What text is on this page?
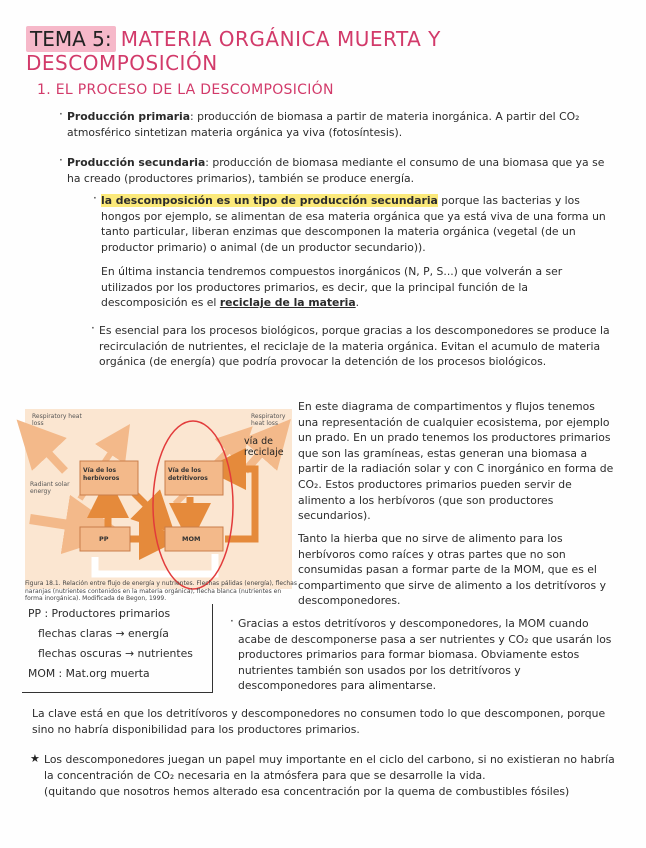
TEMA 5: MATERIA ORGÁNICA MUERTA Y DESCOMPOSICIÓN
1. EL PROCESO DE LA DESCOMPOSICIÓN
· Producción primaria: producción de biomasa a partir de materia inorgánica. A partir del CO₂ atmosférico sintetizan materia orgánica ya viva (fotosíntesis).
· Producción secundaria: producción de biomasa mediante el consumo de una biomasa que ya se ha creado (productores primarios), también se produce energía.
· la descomposición es un tipo de producción secundaria porque las bacterias y los hongos por ejemplo, se alimentan de esa materia orgánica que ya está viva de una forma un tanto particular, liberan enzimas que descomponen la materia orgánica (vegetal (de un productor primario) o animal (de un productor secundario)).
En última instancia tendremos compuestos inorgánicos (N, P, S...) que volverán a ser utilizados por los productores primarios, es decir, que la principal función de la descomposición es el reciclaje de la materia.
· Es esencial para los procesos biológicos, porque gracias a los descomponedores se produce la recirculación de nutrientes, el reciclaje de la materia orgánica. Evitan el acumulo de materia orgánica (de energía) que podría provocar la detención de los procesos biológicos.
Respiratory heat loss
Respiratory heat loss
Radiant solar energy
Vía de los herbívoros
Vía de los detritívoros
PP	MOM
vía de reciclaje
Figura 18.1. Relación entre flujo de energía y nutrientes. Flechas pálidas (energía), flechas naranjas (nutrientes contenidos en la materia orgánica), flecha blanca (nutrientes en forma inorgánica). Modificada de Begon, 1999.
En este diagrama de compartimentos y flujos tenemos una representación de cualquier ecosistema, por ejemplo un prado. En un prado tenemos los productores primarios que son las gramíneas, estas generan una biomasa a partir de la radiación solar y con C inorgánico en forma de CO₂. Estos productores primarios pueden servir de alimento a los herbívoros (que son productores secundarios).
Tanto la hierba que no sirve de alimento para los herbívoros como raíces y otras partes que no son consumidas pasan a formar parte de la MOM, que es el compartimento que sirve de alimento a los detritívoros y descomponedores.
PP : Productores primarios
flechas claras → energía
flechas oscuras → nutrientes
MOM : Mat.org muerta
· Gracias a estos detritívoros y descomponedores, la MOM cuando acabe de descomponerse pasa a ser nutrientes y CO₂ que usarán los productores primarios para formar biomasa. Obviamente estos nutrientes también son usados por los detritívoros y descomponedores para alimentarse.
La clave está en que los detritívoros y descomponedores no consumen todo lo que descomponen, porque sino no habría disponibilidad para los productores primarios.
★ Los descomponedores juegan un papel muy importante en el ciclo del carbono, si no existieran no habría la concentración de CO₂ necesaria en la atmósfera para que se desarrolle la vida.
(quitando que nosotros hemos alterado esa concentración por la quema de combustibles fósiles)
